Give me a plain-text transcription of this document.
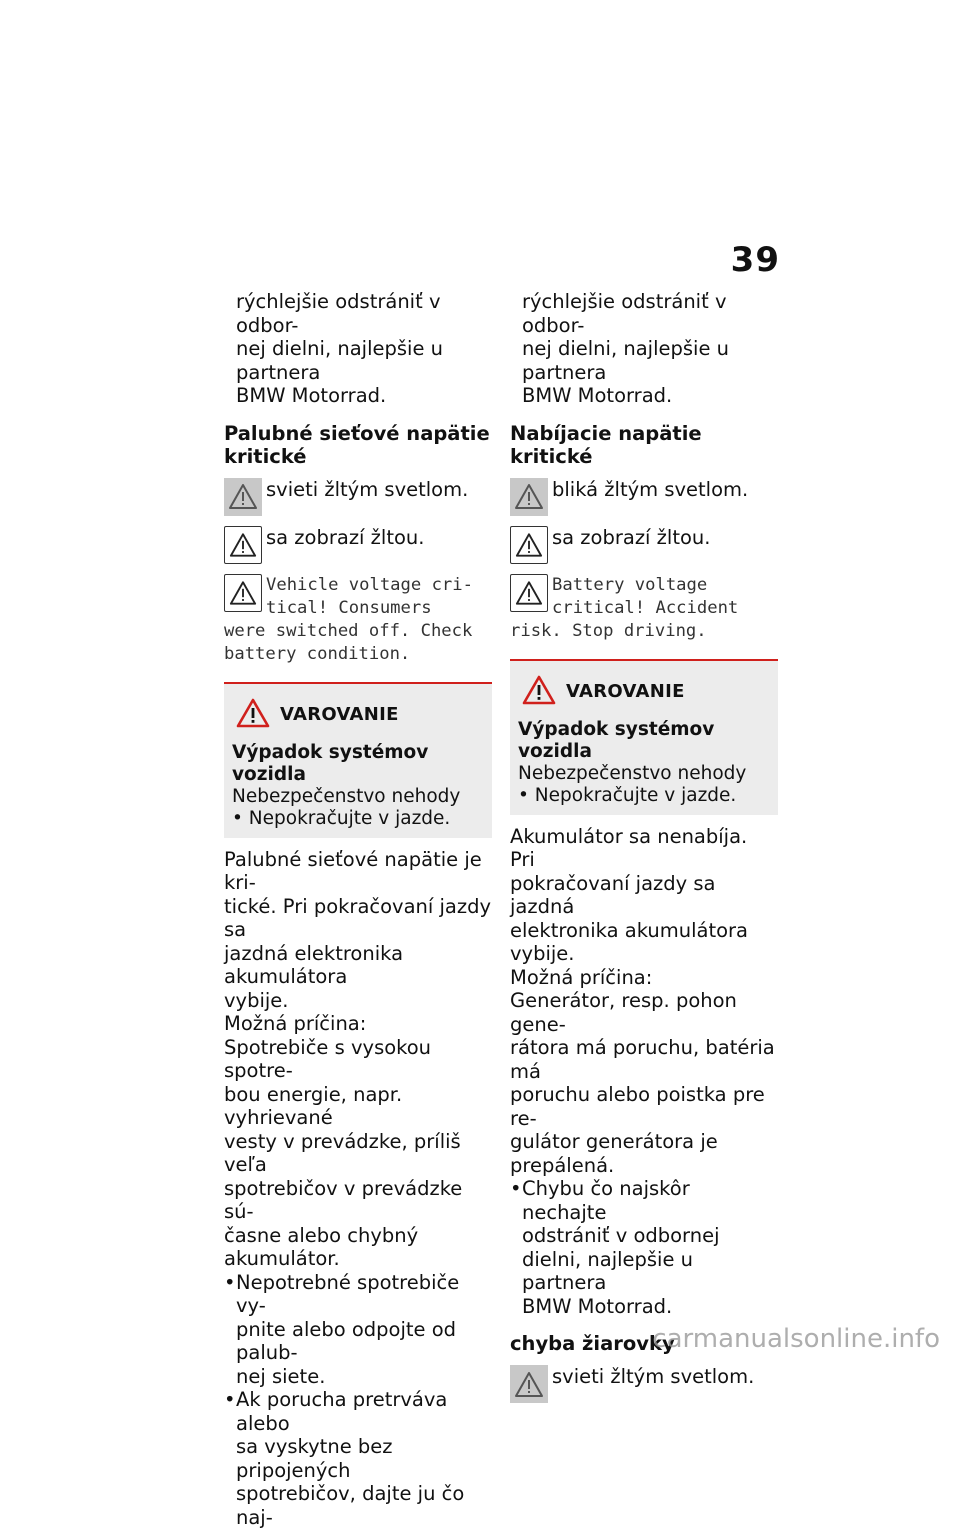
39
rýchlejšie odstrániť v odbor-
nej dielni, najlepšie u partnera
BMW Motorrad.
Palubné sieťové napätie
kritické
svieti žltým svetlom.
sa zobrazí žltou.
Vehicle voltage cri-
tical! Consumers
were switched off. Check
battery condition.
VAROVANIE
Výpadok systémov vozidla
Nebezpečenstvo nehody
• Nepokračujte v jazde.
Palubné sieťové napätie je kri-
tické. Pri pokračovaní jazdy sa
jazdná elektronika akumulátora
vybije.
Možná príčina:
Spotrebiče s vysokou spotre-
bou energie, napr. vyhrievané
vesty v prevádzke, príliš veľa
spotrebičov v prevádzke sú-
časne alebo chybný akumulátor.
• Nepotrebné spotrebiče vy-
pnite alebo odpojte od palub-
nej siete.
• Ak porucha pretrváva alebo
sa vyskytne bez pripojených
spotrebičov, dajte ju čo naj-
rýchlejšie odstrániť v odbor-
nej dielni, najlepšie u partnera
BMW Motorrad.
Nabíjacie napätie kritické
bliká žltým svetlom.
sa zobrazí žltou.
Battery voltage
critical! Accident
risk. Stop driving.
VAROVANIE
Výpadok systémov vozidla
Nebezpečenstvo nehody
• Nepokračujte v jazde.
Akumulátor sa nenabíja. Pri
pokračovaní jazdy sa jazdná
elektronika akumulátora vybije.
Možná príčina:
Generátor, resp. pohon gene-
rátora má poruchu, batéria má
poruchu alebo poistka pre re-
gulátor generátora je prepálená.
• Chybu čo najskôr nechajte
odstrániť v odbornej
dielni, najlepšie u partnera
BMW Motorrad.
chyba žiarovky
svieti žltým svetlom.
carmanualsonline.info
